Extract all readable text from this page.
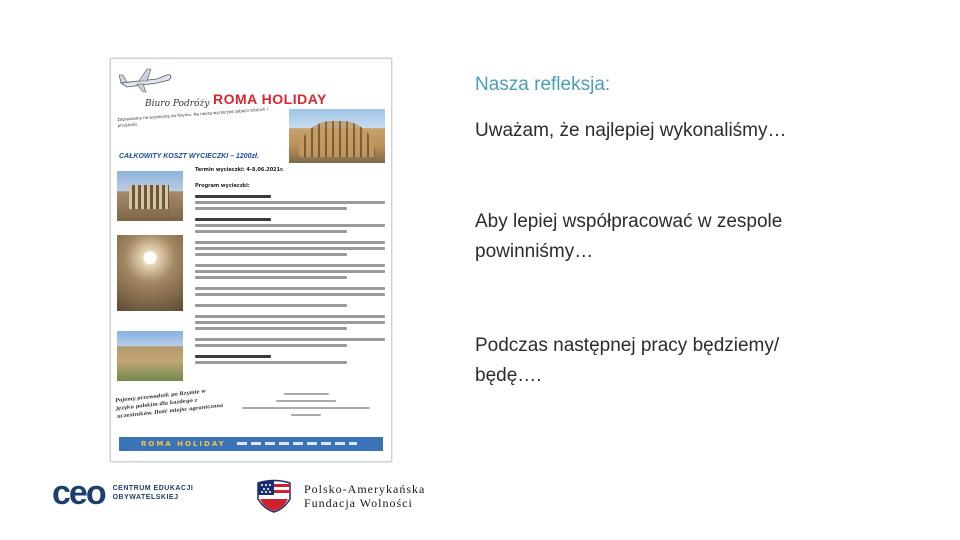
Biuro Podróży ROMA HOLIDAY
Zapraszamy na wycieczkę do Rzymu. Na naszą wycieczkę zabierz bliskich i przyjaciół.
CAŁKOWITY KOSZT WYCIECZKI – 1200zł.
Termin wycieczki: 4-8.06.2021r.
Program wycieczki:
Pojemy przewodnik po Rzymie w języku polskim dla każdego z uczestników. Ilość miejsc ograniczona
ROMA HOLIDAY
Nasza refleksja:
Uważam, że najlepiej wykonaliśmy…
Aby lepiej współpracować w zespole
powinniśmy…
Podczas następnej pracy będziemy/
będę….
ceo CENTRUM EDUKACJI
OBYWATELSKIEJ
Polsko-Amerykańska
Fundacja Wolności
